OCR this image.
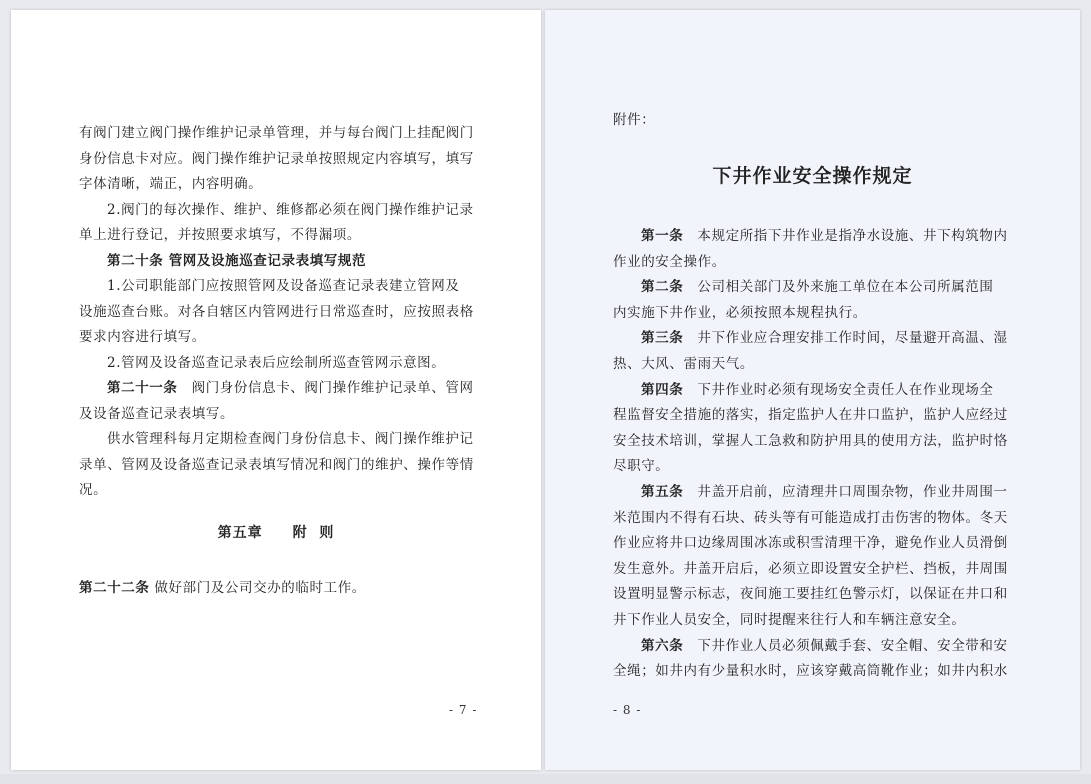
有阀门建立阀门操作维护记录单管理，并与每台阀门上挂配阀门
身份信息卡对应。阀门操作维护记录单按照规定内容填写，填写
字体清晰，端正，内容明确。
2.阀门的每次操作、维护、维修都必须在阀门操作维护记录
单上进行登记，并按照要求填写，不得漏项。
第二十条 管网及设施巡查记录表填写规范
1.公司职能部门应按照管网及设备巡查记录表建立管网及
设施巡查台账。对各自辖区内管网进行日常巡查时，应按照表格
要求内容进行填写。
2.管网及设备巡查记录表后应绘制所巡查管网示意图。
第二十一条　阀门身份信息卡、阀门操作维护记录单、管网
及设备巡查记录表填写。
供水管理科每月定期检查阀门身份信息卡、阀门操作维护记
录单、管网及设备巡查记录表填写情况和阀门的维护、操作等情
况。
第五章 附  则
第二十二条 做好部门及公司交办的临时工作。
- 7 -
附件：
下井作业安全操作规定
第一条　本规定所指下井作业是指净水设施、井下构筑物内
作业的安全操作。
第二条　公司相关部门及外来施工单位在本公司所属范围
内实施下井作业，必须按照本规程执行。
第三条　井下作业应合理安排工作时间，尽量避开高温、湿
热、大风、雷雨天气。
第四条　下井作业时必须有现场安全责任人在作业现场全
程监督安全措施的落实，指定监护人在井口监护，监护人应经过
安全技术培训，掌握人工急救和防护用具的使用方法，监护时恪
尽职守。
第五条　井盖开启前，应清理井口周围杂物，作业井周围一
米范围内不得有石块、砖头等有可能造成打击伤害的物体。冬天
作业应将井口边缘周围冰冻或积雪清理干净，避免作业人员滑倒
发生意外。井盖开启后，必须立即设置安全护栏、挡板，井周围
设置明显警示标志，夜间施工要挂红色警示灯，以保证在井口和
井下作业人员安全，同时提醒来往行人和车辆注意安全。
第六条　下井作业人员必须佩戴手套、安全帽、安全带和安
全绳；如井内有少量积水时，应该穿戴高筒靴作业；如井内积水
- 8 -
